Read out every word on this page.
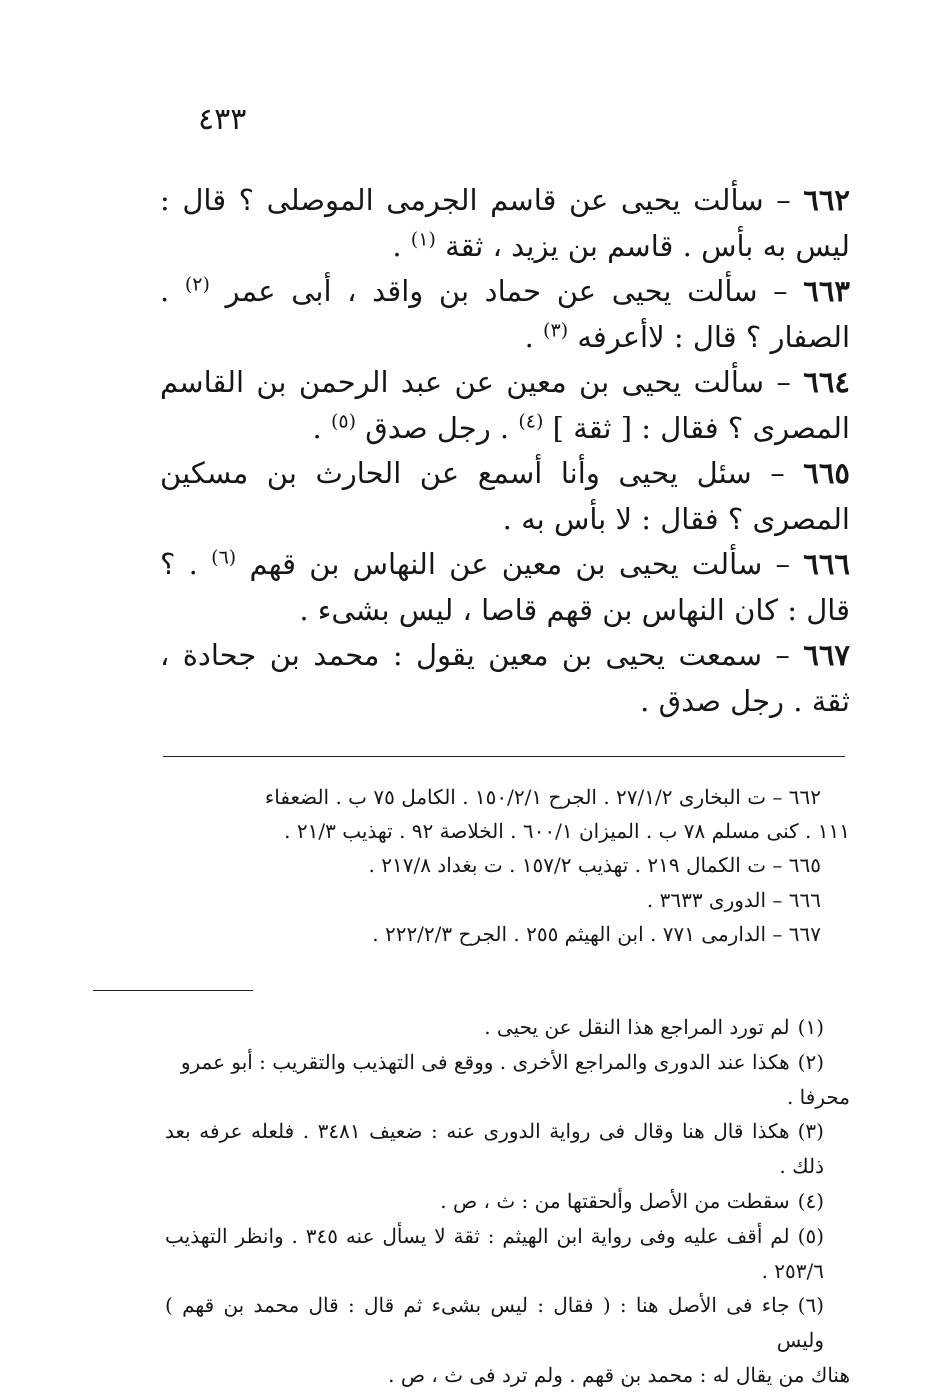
٤٣٣

٦٦٢ – سألت يحيى عن قاسم الجرمى الموصلى ؟ قال : ليس به بأس . قاسم بن يزيد ، ثقة $^{(١)}$ .

٦٦٣ – سألت يحيى عن حماد بن واقد ، أبى عمر $^{(٢)}$ . الصفار ؟ قال : لاأعرفه $^{(٣)}$ .

٦٦٤ – سألت يحيى بن معين عن عبد الرحمن بن القاسم المصرى ؟ فقال : [ ثقة ] $^{(٤)}$ . رجل صدق $^{(٥)}$ .

٦٦٥ – سئل يحيى وأنا أسمع عن الحارث بن مسكين المصرى ؟ فقال : لا بأس به .

٦٦٦ – سألت يحيى بن معين عن النهاس بن قهم $^{(٦)}$ . ؟ قال : كان النهاس بن قهم قاصا ، ليس بشىء .

٦٦٧ – سمعت يحيى بن معين يقول : محمد بن جحادة ، ثقة . رجل صدق .

٦٦٢ – ت البخارى ٢٧/١/٢ . الجرح ١٥٠/٢/١ . الكامل ٧٥ ب . الضعفاء

١١١ . كنى مسلم ٧٨ ب . الميزان ٦٠٠/١ . الخلاصة ٩٢ . تهذيب ٢١/٣ .

٦٦٥ – ت الكمال ٢١٩ . تهذيب ١٥٧/٢ . ت بغداد ٢١٧/٨ .

٦٦٦ – الدورى ٣٦٣٣ .

٦٦٧ – الدارمى ٧٧١ . ابن الهيثم ٢٥٥ . الجرح ٢٢٢/٢/٣ .

(١)لم تورد المراجع هذا النقل عن يحيى .

(٢)هكذا عند الدورى والمراجع الأخرى . ووقع فى التهذيب والتقريب : أبو عمرو

محرفا .

(٣)هكذا قال هنا وقال فى رواية الدورى عنه : ضعيف ٣٤٨١ . فلعله عرفه بعد ذلك .

(٤)سقطت من الأصل وألحقتها من : ث ، ص .

(٥)لم أقف عليه وفى رواية ابن الهيثم : ثقة لا يسأل عنه ٣٤٥ . وانظر التهذيب ٢٥٣/٦ .

(٦)جاء فى الأصل هنا : ( فقال : ليس بشىء ثم قال : قال محمد بن قهم ) وليس

هناك من يقال له : محمد بن قهم . ولم ترد فى ث ، ص .
